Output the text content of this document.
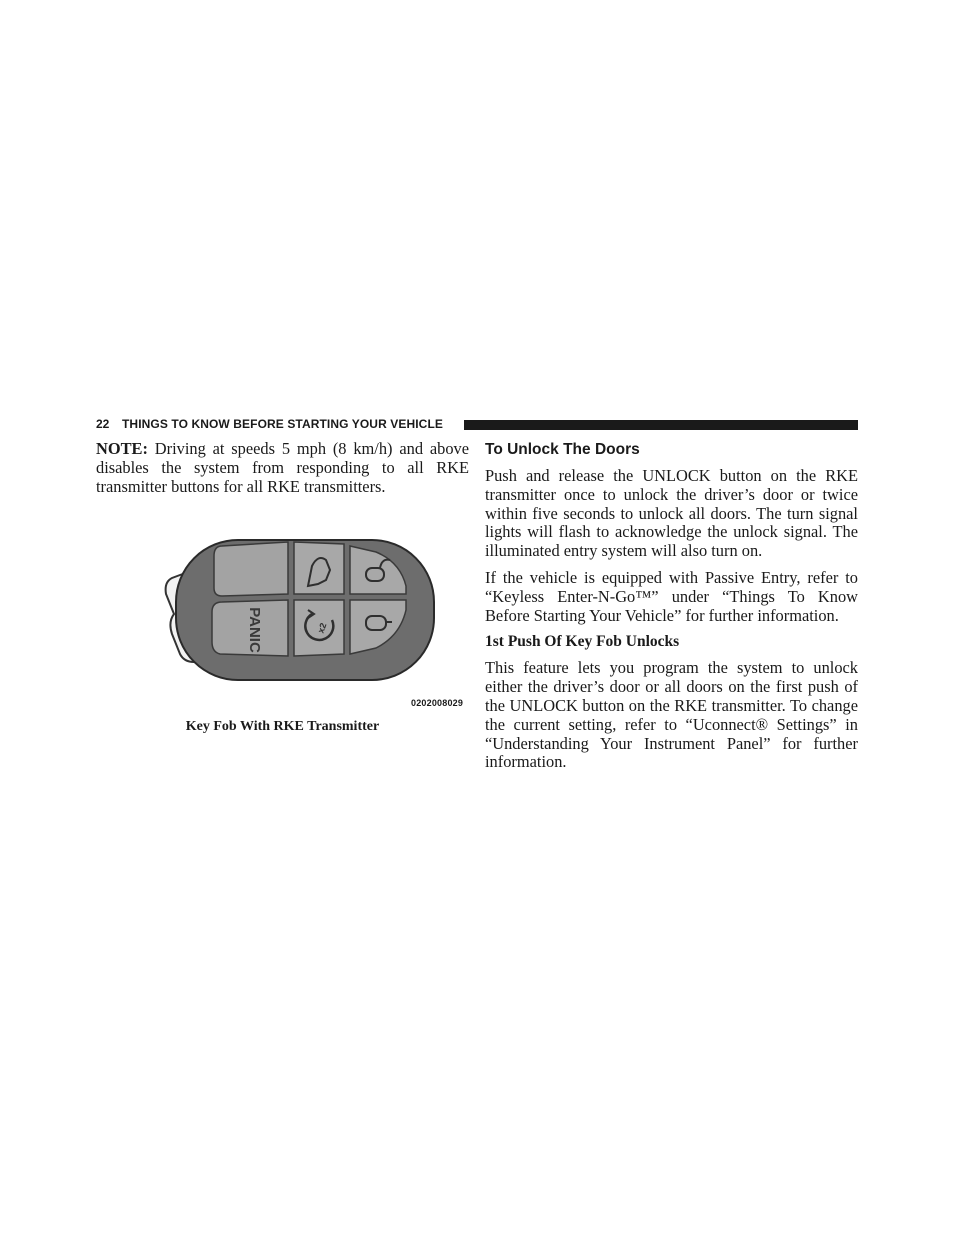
22 THINGS TO KNOW BEFORE STARTING YOUR VEHICLE

NOTE: Driving at speeds 5 mph (8 km/h) and above disables the system from responding to all RKE transmitter buttons for all RKE transmitters.

PANIC	x2
0202008029
Key Fob With RKE Transmitter
To Unlock The Doors

Push and release the UNLOCK button on the RKE transmitter once to unlock the driver’s door or twice within five seconds to unlock all doors. The turn signal lights will flash to acknowledge the unlock signal. The illuminated entry system will also turn on.

If the vehicle is equipped with Passive Entry, refer to “Keyless Enter-N-Go™” under “Things To Know Before Starting Your Vehicle” for further information.

1st Push Of Key Fob Unlocks

This feature lets you program the system to unlock either the driver’s door or all doors on the first push of the UNLOCK button on the RKE transmitter. To change the current setting, refer to “Uconnect® Settings” in “Understanding Your Instrument Panel” for further information.
